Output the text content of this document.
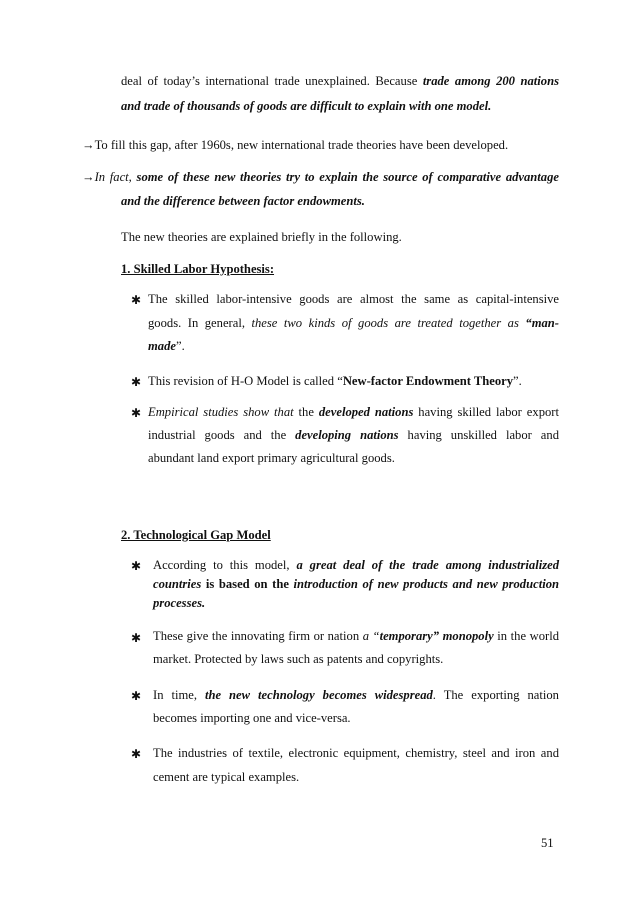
deal of today’s international trade unexplained. Because trade among 200 nations
and trade of thousands of goods are difficult to explain with one model.
→To fill this gap, after 1960s, new international trade theories have been developed.
→In fact, some of these new theories try to explain the source of comparative advantage
and the difference between factor endowments.
The new theories are explained briefly in the following.
1. Skilled Labor Hypothesis:
✱ The skilled labor-intensive goods are almost the same as capital-intensive
goods. In general, these two kinds of goods are treated together as “man-
made”.
✱ This revision of H-O Model is called “New-factor Endowment Theory”.
✱ Empirical studies show that the developed nations having skilled labor export
industrial goods and the developing nations having unskilled labor and
abundant land export primary agricultural goods.
2. Technological Gap Model
✱ According to this model, a great deal of the trade among industrialized
countries is based on the introduction of new products and new production
processes.
✱ These give the innovating firm or nation a “temporary” monopoly in the world
market. Protected by laws such as patents and copyrights.
✱ In time, the new technology becomes widespread. The exporting nation
becomes importing one and vice-versa.
✱ The industries of textile, electronic equipment, chemistry, steel and iron and
cement are typical examples.
51
